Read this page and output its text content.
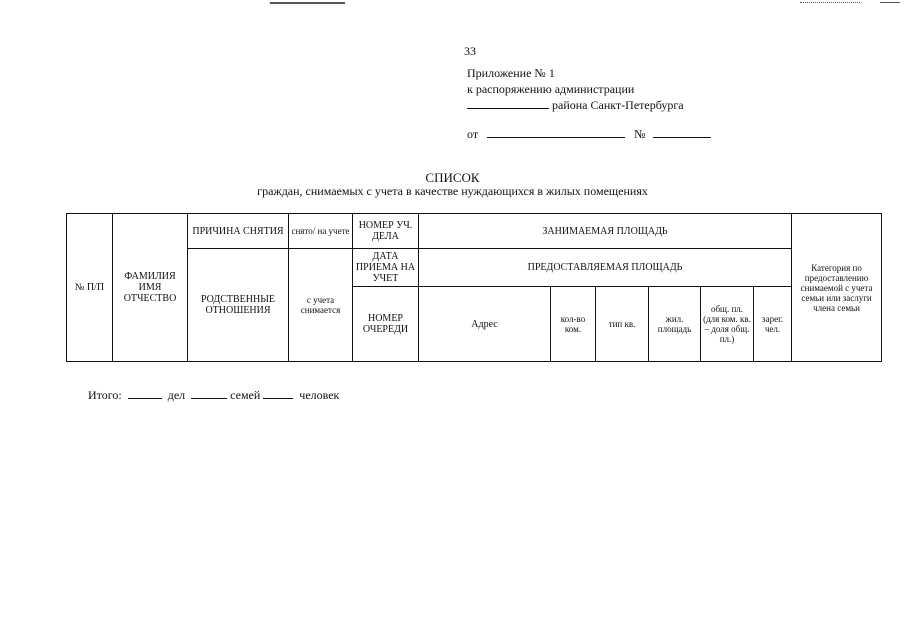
33
Приложение № 1
к распоряжению администрации
района Санкт-Петербурга
от	№
СПИСОК
граждан, снимаемых с учета в качестве нуждающихся в жилых помещениях
№ П/П	ФАМИЛИЯ ИМЯ ОТЧЕСТВО	ПРИЧИНА СНЯТИЯ	снято/ на учете	НОМЕР УЧ. ДЕЛА	ЗАНИМАЕМАЯ ПЛОЩАДЬ						Категория по предоставлению снимаемой с учета семьи или заслуги члена семьи
		РОДСТВЕННЫЕ ОТНОШЕНИЯ	с учета снимается	ДАТА ПРИЕМА НА УЧЕТ	ПРЕДОСТАВЛЯЕМАЯ ПЛОЩАДЬ						
				НОМЕР ОЧЕРЕДИ	Адрес	кол-во ком.	тип кв.	жил. площадь	общ. пл. (для ком. кв. – доля общ. пл.)	зарег. чел.	
Итого:	дел	семей	человек
